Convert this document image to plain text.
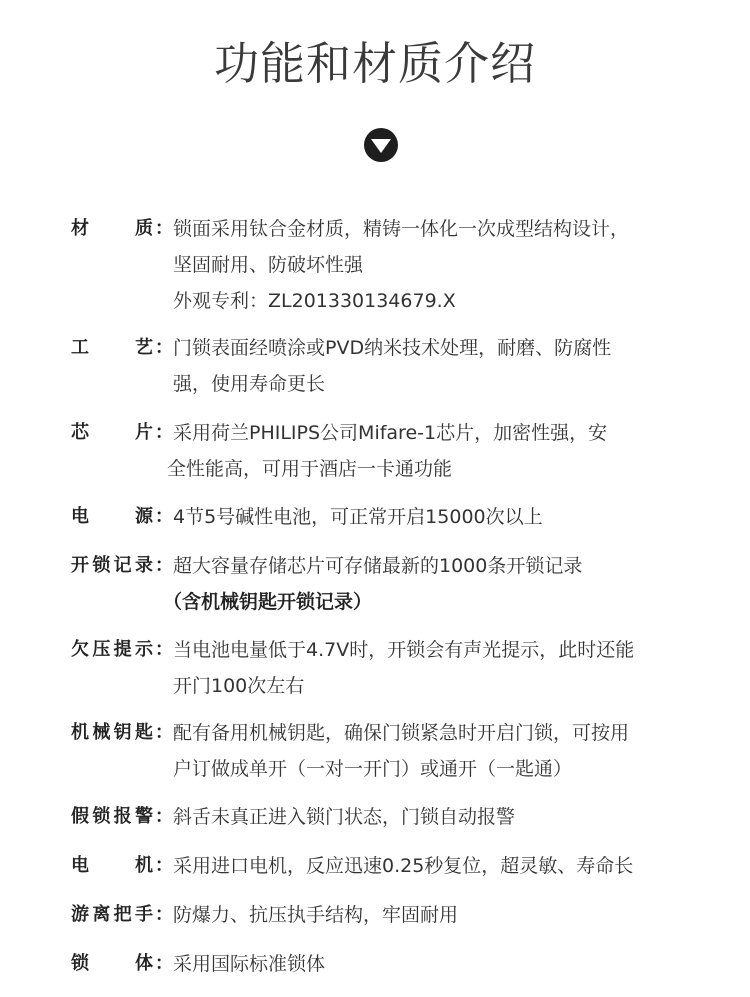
功能和材质介绍
材	质 ： 锁面采用钛合金材质，精铸一体化一次成型结构设计，
坚固耐用、防破坏性强
外观专利：ZL201330134679.X
工	艺 ： 门锁表面经喷涂或PVD纳米技术处理，耐磨、防腐性
强，使用寿命更长
芯	片 ： 采用荷兰PHILIPS公司Mifare-1芯片，加密性强，安
全性能高，可用于酒店一卡通功能
电	源 ： 4节5号碱性电池，可正常开启15000次以上
开 锁 记 录 ： 超大容量存储芯片可存储最新的1000条开锁记录
（含机械钥匙开锁记录）
欠 压 提 示 ： 当电池电量低于4.7V时，开锁会有声光提示，此时还能
开门100次左右
机 械 钥 匙 ： 配有备用机械钥匙，确保门锁紧急时开启门锁，可按用
户订做成单开（一对一开门）或通开（一匙通）
假 锁 报 警 ： 斜舌未真正进入锁门状态，门锁自动报警
电	机 ： 采用进口电机，反应迅速0.25秒复位，超灵敏、寿命长
游 离 把 手 ： 防爆力、抗压执手结构，牢固耐用
锁	体 ： 采用国际标准锁体
